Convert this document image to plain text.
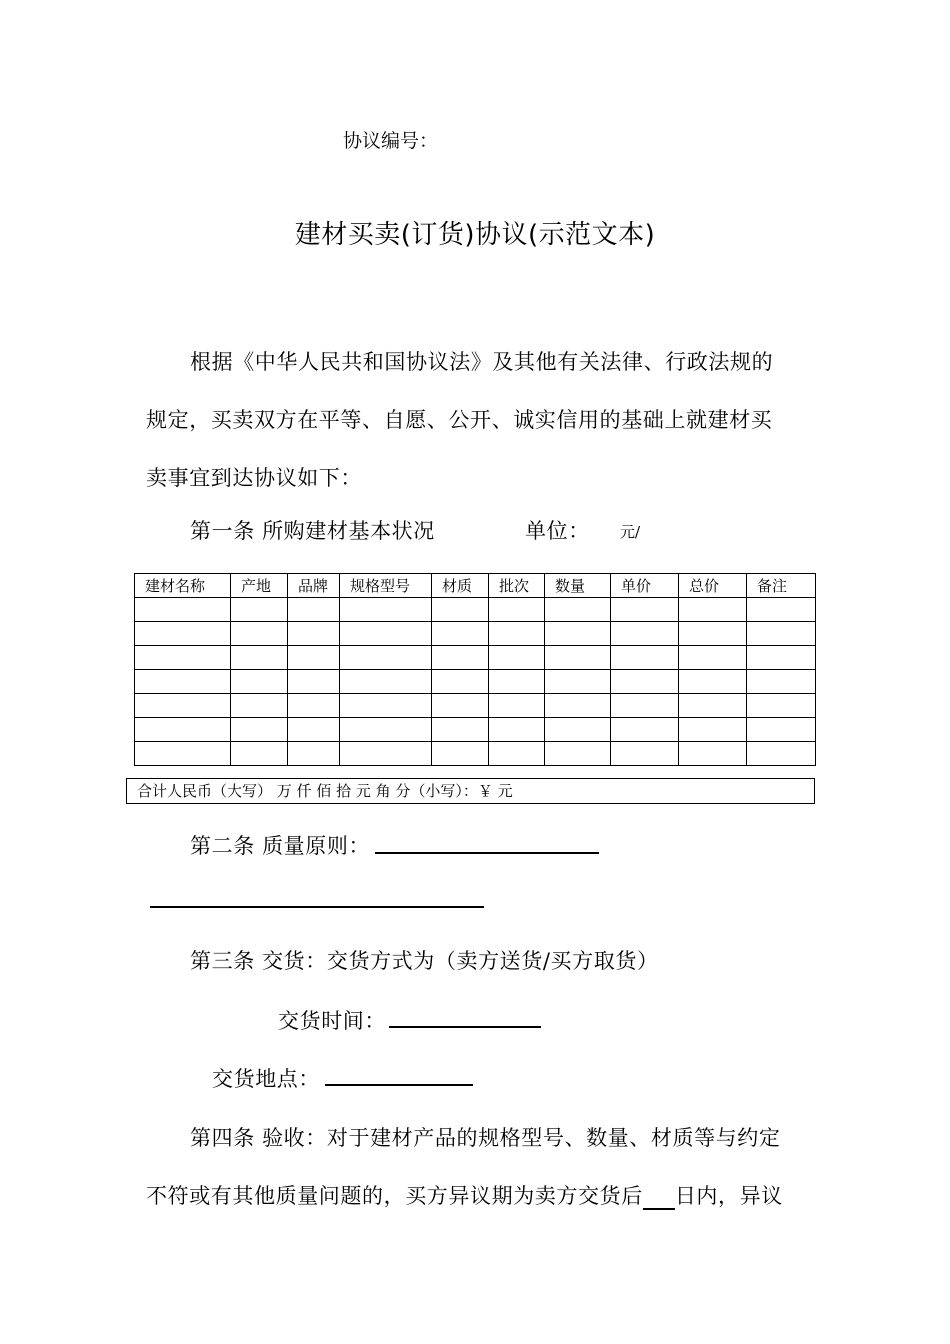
协议编号：
建材买卖(订货)协议(示范文本)
根据《中华人民共和国协议法》及其他有关法律、行政法规的
规定，买卖双方在平等、自愿、公开、诚实信用的基础上就建材买
卖事宜到达协议如下：
第一条 所购建材基本状况	单位： 元/
建材名称	产地	品牌	规格型号	材质	批次	数量	单价	总价	备注

合计人民币（大写） 万 仟 佰 拾 元 角 分（小写）：￥ 元
第二条 质量原则：
第三条 交货：交货方式为（卖方送货/买方取货）
交货时间：
交货地点：
第四条 验收：对于建材产品的规格型号、数量、材质等与约定
不符或有其他质量问题的，买方异议期为卖方交货后 日内，异议
